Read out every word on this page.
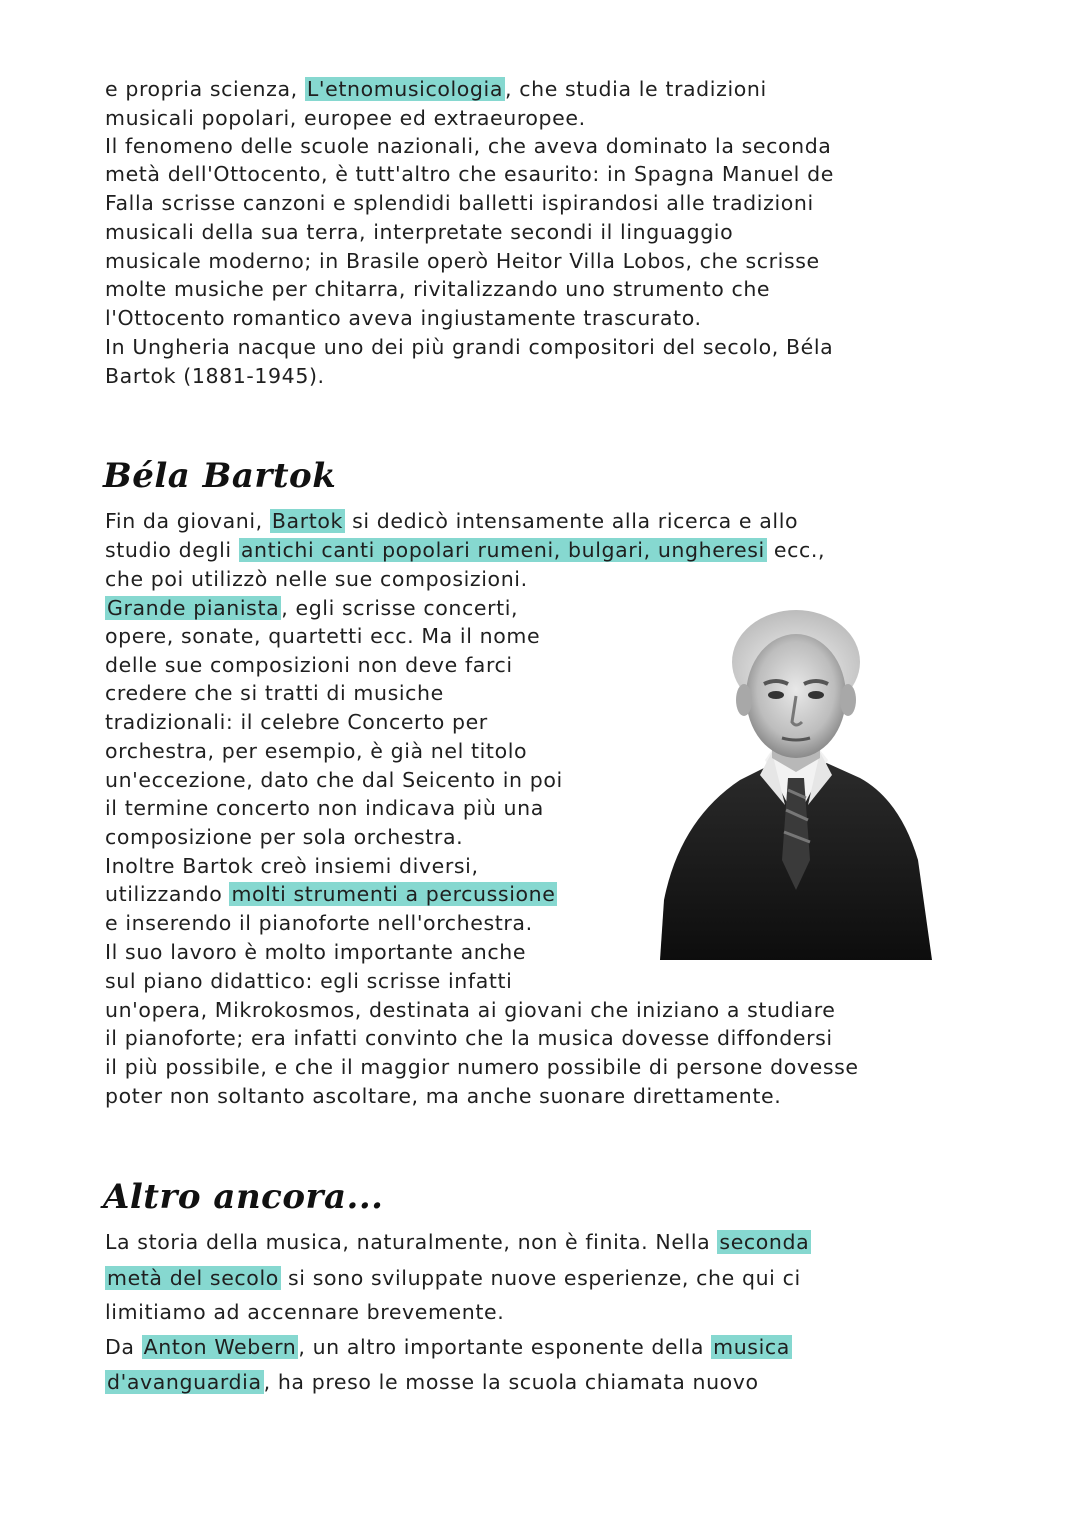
e propria scienza, L'etnomusicologia, che studia le tradizioni
musicali popolari, europee ed extraeuropee.
Il fenomeno delle scuole nazionali, che aveva dominato la seconda
metà dell'Ottocento, è tutt'altro che esaurito: in Spagna Manuel de
Falla scrisse canzoni e splendidi balletti ispirandosi alle tradizioni
musicali della sua terra, interpretate secondi il linguaggio
musicale moderno; in Brasile operò Heitor Villa Lobos, che scrisse
molte musiche per chitarra, rivitalizzando uno strumento che
l'Ottocento romantico aveva ingiustamente trascurato.
In Ungheria nacque uno dei più grandi compositori del secolo, Béla
Bartok (1881-1945).
Béla Bartok
Fin da giovani, Bartok si dedicò intensamente alla ricerca e allo
studio degli antichi canti popolari rumeni, bulgari, ungheresi ecc.,
che poi utilizzò nelle sue composizioni.
Grande pianista, egli scrisse concerti,
opere, sonate, quartetti ecc. Ma il nome
delle sue composizioni non deve farci
credere che si tratti di musiche
tradizionali: il celebre Concerto per
orchestra, per esempio, è già nel titolo
un'eccezione, dato che dal Seicento in poi
il termine concerto non indicava più una
composizione per sola orchestra.
Inoltre Bartok creò insiemi diversi,
utilizzando molti strumenti a percussione
e inserendo il pianoforte nell'orchestra.
Il suo lavoro è molto importante anche
sul piano didattico: egli scrisse infatti
un'opera, Mikrokosmos, destinata ai giovani che iniziano a studiare
il pianoforte; era infatti convinto che la musica dovesse diffondersi
il più possibile, e che il maggior numero possibile di persone dovesse
poter non soltanto ascoltare, ma anche suonare direttamente.
Altro ancora...
La storia della musica, naturalmente, non è finita. Nella seconda
metà del secolo si sono sviluppate nuove esperienze, che qui ci
limitiamo ad accennare brevemente.
Da Anton Webern, un altro importante esponente della musica
d'avanguardia, ha preso le mosse la scuola chiamata nuovo
